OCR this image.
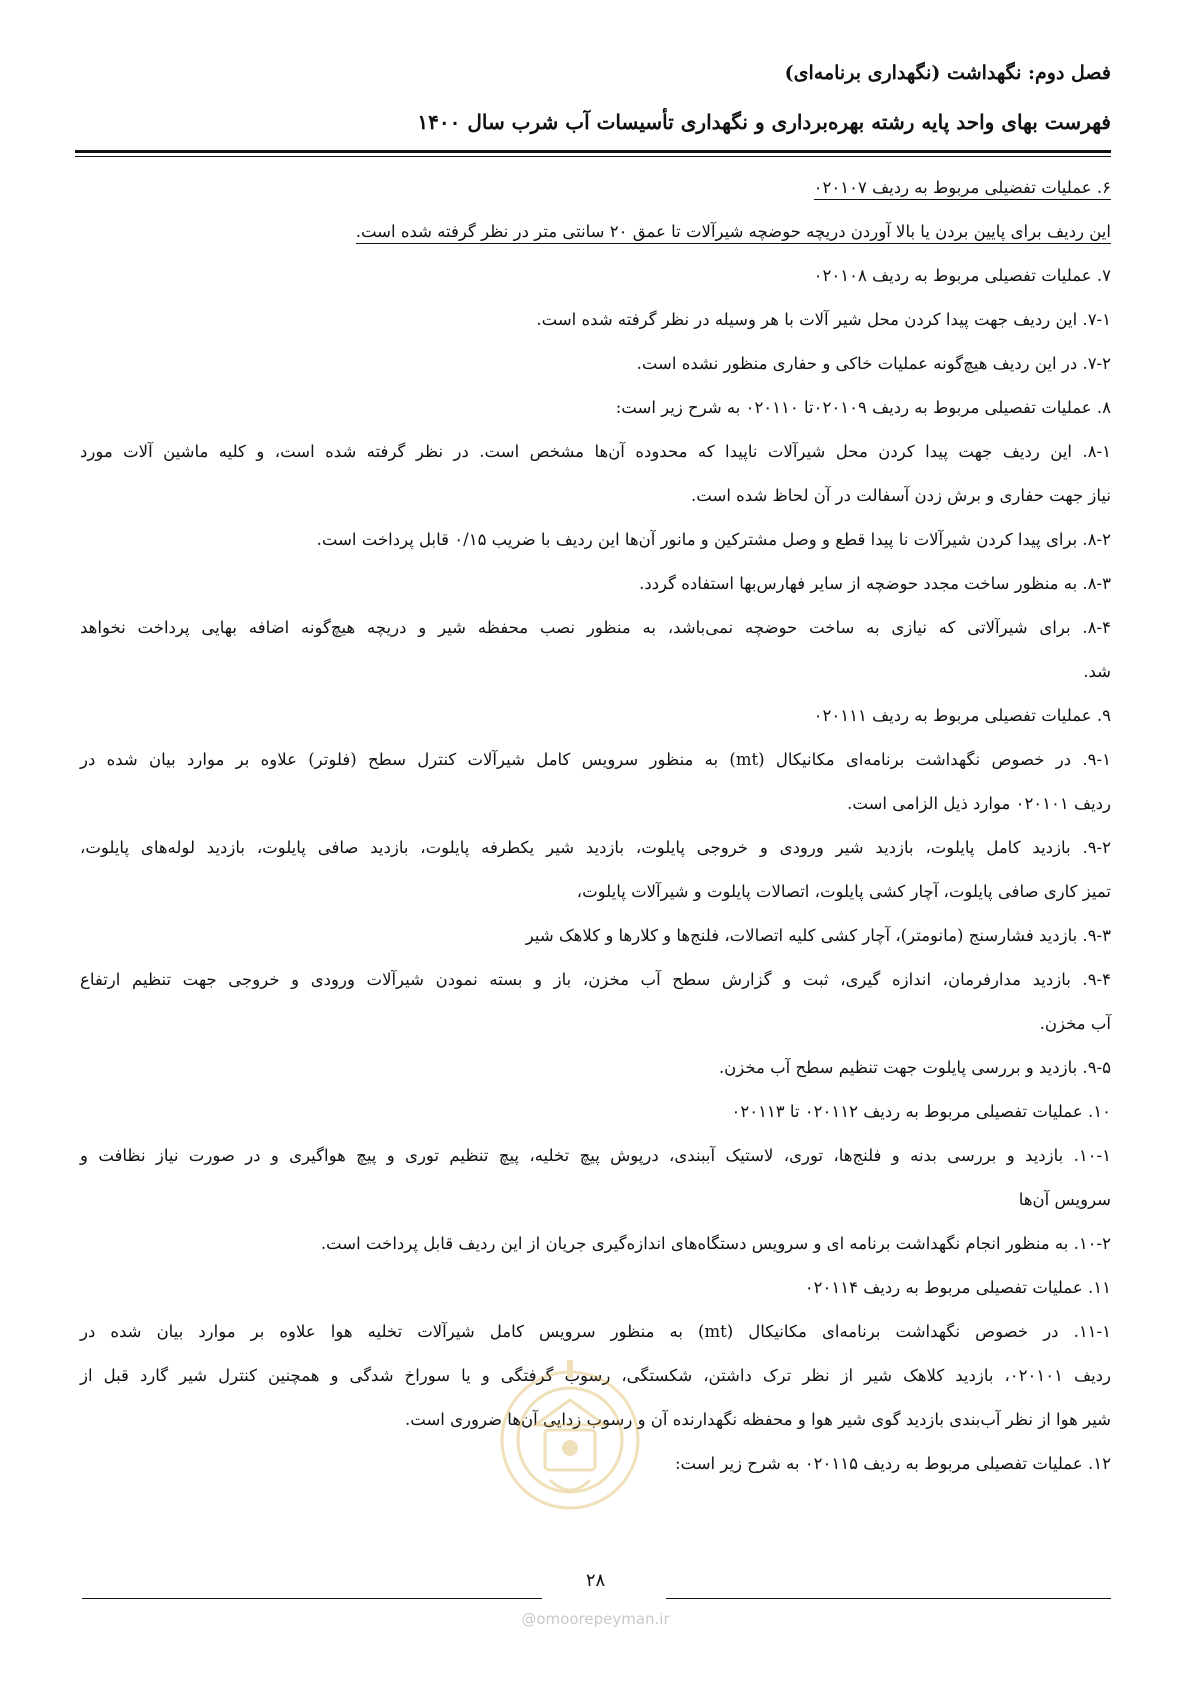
فصل دوم: نگهداشت (نگهداری برنامه‌ای)
فهرست بهای واحد پایه رشته بهره‌برداری و نگهداری تأسیسات آب شرب سال ۱۴۰۰
۶. عملیات تفضیلی مربوط به ردیف ۰۲۰۱۰۷
این ردیف برای پایین بردن یا بالا آوردن دریچه حوضچه شیرآلات تا عمق ۲۰ سانتی متر در نظر گرفته شده است.
۷. عملیات تفصیلی مربوط به ردیف ۰۲۰۱۰۸
۷-۱. این ردیف جهت پیدا کردن محل شیر آلات با هر وسیله در نظر گرفته شده است.
۷-۲. در این ردیف هیچ‌گونه عملیات خاکی و حفاری منظور نشده است.
۸. عملیات تفصیلی مربوط به ردیف ۰۲۰۱۰۹تا ۰۲۰۱۱۰ به شرح زیر است:
۸-۱. این ردیف جهت پیدا کردن محل شیرآلات ناپیدا که محدوده آن‌ها مشخص است. در نظر گرفته شده است، و کلیه ماشین آلات مورد
نیاز جهت حفاری و برش زدن آسفالت در آن لحاظ شده است.
۸-۲. برای پیدا کردن شیرآلات نا پیدا قطع و وصل مشترکین و مانور آن‌ها این ردیف با ضریب ۰/۱۵ قابل پرداخت است.
۸-۳. به منظور ساخت مجدد حوضچه از سایر فهارس‌بها استفاده گردد.
۸-۴. برای شیرآلاتی که نیازی به ساخت حوضچه نمی‌باشد، به منظور نصب محفظه شیر و دریچه هیچ‌گونه اضافه بهایی پرداخت نخواهد
شد.
۹. عملیات تفصیلی مربوط به ردیف ۰۲۰۱۱۱
۹-۱. در خصوص نگهداشت برنامه‌ای مکانیکال (mt) به منظور سرویس کامل شیرآلات کنترل سطح (فلوتر) علاوه بر موارد بیان شده در
ردیف ۰۲۰۱۰۱ موارد ذیل الزامی است.
۹-۲. بازدید کامل پایلوت، بازدید شیر ورودی و خروجی پایلوت، بازدید شیر یکطرفه پایلوت، بازدید صافی پایلوت، بازدید لوله‌های پایلوت،
تمیز کاری صافی پایلوت، آچار کشی پایلوت، اتصالات پایلوت و شیرآلات پایلوت،
۹-۳. بازدید فشارسنج (مانومتر)، آچار کشی کلیه اتصالات، فلنج‌ها و کلارها و کلاهک شیر
۹-۴. بازدید مدارفرمان، اندازه گیری، ثبت و گزارش سطح آب مخزن، باز و بسته نمودن شیرآلات ورودی و خروجی جهت تنظیم ارتفاع
آب مخزن.
۹-۵. بازدید و بررسی پایلوت جهت تنظیم سطح آب مخزن.
۱۰. عملیات تفصیلی مربوط به ردیف ۰۲۰۱۱۲ تا ۰۲۰۱۱۳
۱۰-۱. بازدید و بررسی بدنه و فلنج‌ها، توری، لاستیک آببندی، درپوش پیچ تخلیه، پیچ تنظیم توری و پیچ هواگیری و در صورت نیاز نظافت و
سرویس آن‌ها
۱۰-۲. به منظور انجام نگهداشت برنامه ای و سرویس دستگاه‌های اندازه‌گیری جریان از این ردیف قابل پرداخت است.
۱۱. عملیات تفصیلی مربوط به ردیف ۰۲۰۱۱۴
۱۱-۱. در خصوص نگهداشت برنامه‌ای مکانیکال (mt) به منظور سرویس کامل شیرآلات تخلیه هوا علاوه بر موارد بیان شده در
ردیف ۰۲۰۱۰۱، بازدید کلاهک شیر از نظر ترک داشتن، شکستگی، رسوب گرفتگی و یا سوراخ شدگی و همچنین کنترل شیر گارد قبل از
شیر هوا از نظر آب‌بندی بازدید گوی شیر هوا و محفظه نگهدارنده آن و رسوب زدایی آن‌ها ضروری است.
۱۲. عملیات تفصیلی مربوط به ردیف ۰۲۰۱۱۵ به شرح زیر است:
۲۸
@omoorepeyman.ir
